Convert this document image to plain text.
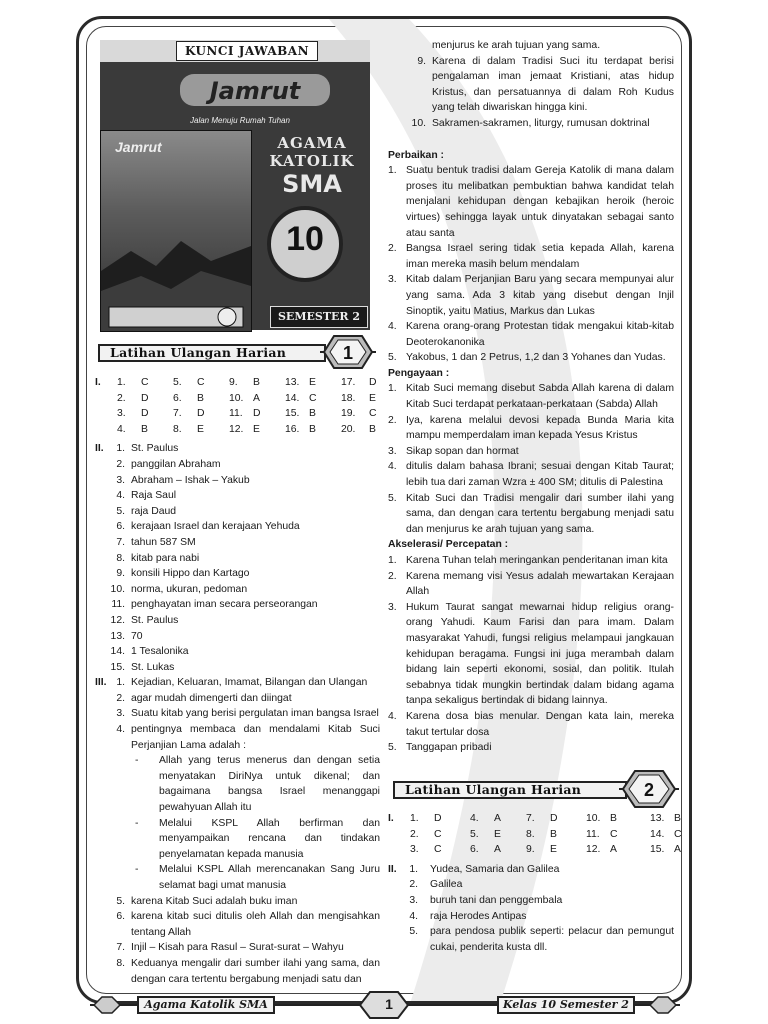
KUNCI JAWABAN
Jamrut
Jalan Menuju Rumah Tuhan
Jamrut	AGAMA
KATOLIK
SMA
10
SEMESTER 2
Latihan Ulangan Harian	1
I. 1. C 5. C 9. B 13. E 17. D
2. D 6. B 10. A 14. C 18. E
3. D 7. D 11. D 15. B 19. C
4. B 8. E 12. E 16. B 20. B
II.	1. St. Paulus
2. panggilan Abraham
3. Abraham – Ishak – Yakub
4. Raja Saul
5. raja Daud
6. kerajaan Israel dan kerajaan Yehuda
7. tahun 587 SM
8. kitab para nabi
9. konsili Hippo dan Kartago
10. norma, ukuran, pedoman
11. penghayatan iman secara perseorangan
12. St. Paulus
13. 70
14. 1 Tesalonika
15. St. Lukas
III. 1. Kejadian, Keluaran, Imamat, Bilangan dan Ulangan
2. agar mudah dimengerti dan diingat
3. Suatu kitab yang berisi pergulatan iman bangsa Israel
4. pentingnya membaca dan mendalami Kitab Suci Perjanjian Lama adalah :
-	Allah yang terus menerus dan dengan setia menyatakan DiriNya untuk dikenal; dan bagaimana bangsa Israel menanggapi pewahyuan Allah itu
-	Melalui KSPL Allah berfirman dan menyampaikan rencana dan tindakan penyelamatan kepada manusia
-	Melalui KSPL Allah merencanakan Sang Juru selamat bagi umat manusia
5. karena Kitab Suci adalah buku iman
6. karena kitab suci ditulis oleh Allah dan mengisahkan tentang Allah
7. Injil – Kisah para Rasul – Surat-surat – Wahyu
8. Keduanya mengalir dari sumber ilahi yang sama, dan dengan cara tertentu bergabung menjadi satu dan
menjurus ke arah tujuan yang sama.
9. Karena di dalam Tradisi Suci itu terdapat berisi pengalaman iman jemaat Kristiani, atas hidup Kristus, dan persatuannya di dalam Roh Kudus yang telah diwariskan hingga kini.
10. Sakramen-sakramen, liturgy, rumusan doktrinal
Perbaikan :
1. Suatu bentuk tradisi dalam Gereja Katolik di mana dalam proses itu melibatkan pembuktian bahwa kandidat telah menjalani kehidupan dengan kebajikan heroik (heroic virtues) sehingga layak untuk dinyatakan sebagai santo atau santa
2. Bangsa Israel sering tidak setia kepada Allah, karena iman mereka masih belum mendalam
3. Kitab dalam Perjanjian Baru yang secara mempunyai alur yang sama. Ada 3 kitab yang disebut dengan Injil Sinoptik, yaitu Matius, Markus dan Lukas
4. Karena orang-orang Protestan tidak mengakui kitab-kitab Deoterokanonika
5. Yakobus, 1 dan 2 Petrus, 1,2 dan 3 Yohanes dan Yudas.
Pengayaan :
1. Kitab Suci memang disebut Sabda Allah karena di dalam Kitab Suci terdapat perkataan-perkataan (Sabda) Allah
2. Iya, karena melalui devosi kepada Bunda Maria kita mampu memperdalam iman kepada Yesus Kristus
3. Sikap sopan dan hormat
4. ditulis dalam bahasa Ibrani; sesuai dengan Kitab Taurat; lebih tua dari zaman Wzra ± 400 SM; ditulis di Palestina
5. Kitab Suci dan Tradisi mengalir dari sumber ilahi yang sama, dan dengan cara tertentu bergabung menjadi satu dan menjurus ke arah tujuan yang sama.
Akselerasi/ Percepatan :
1. Karena Tuhan telah meringankan penderitanan iman kita
2. Karena memang visi Yesus adalah mewartakan Kerajaan Allah
3. Hukum Taurat sangat mewarnai hidup religius orang-orang Yahudi. Kaum Farisi dan para imam. Dalam masyarakat Yahudi, fungsi religius melampaui jangkauan kehidupan beragama. Fungsi ini juga merambah dalam bidang lain seperti ekonomi, sosial, dan politik. Itulah sebabnya tidak mungkin bertindak dalam bidang agama tanpa sekaligus bertindak di bidang lainnya.
4. Karena dosa bias menular. Dengan kata lain, mereka takut tertular dosa
5. Tanggapan pribadi
Latihan Ulangan Harian	2
I. 1. D	4. A 7. D	10. B	13. B
2. C	5. E 8. B	11. C	14. C
3. C	6. A 9. E	12. A	15. A
II.	1. Yudea, Samaria dan Galilea
2. Galilea
3. buruh tani dan penggembala
4. raja Herodes Antipas
5. para pendosa publik seperti: pelacur dan pemungut cukai, penderita kusta dll.
Agama Katolik SMA	1	Kelas 10 Semester 2
